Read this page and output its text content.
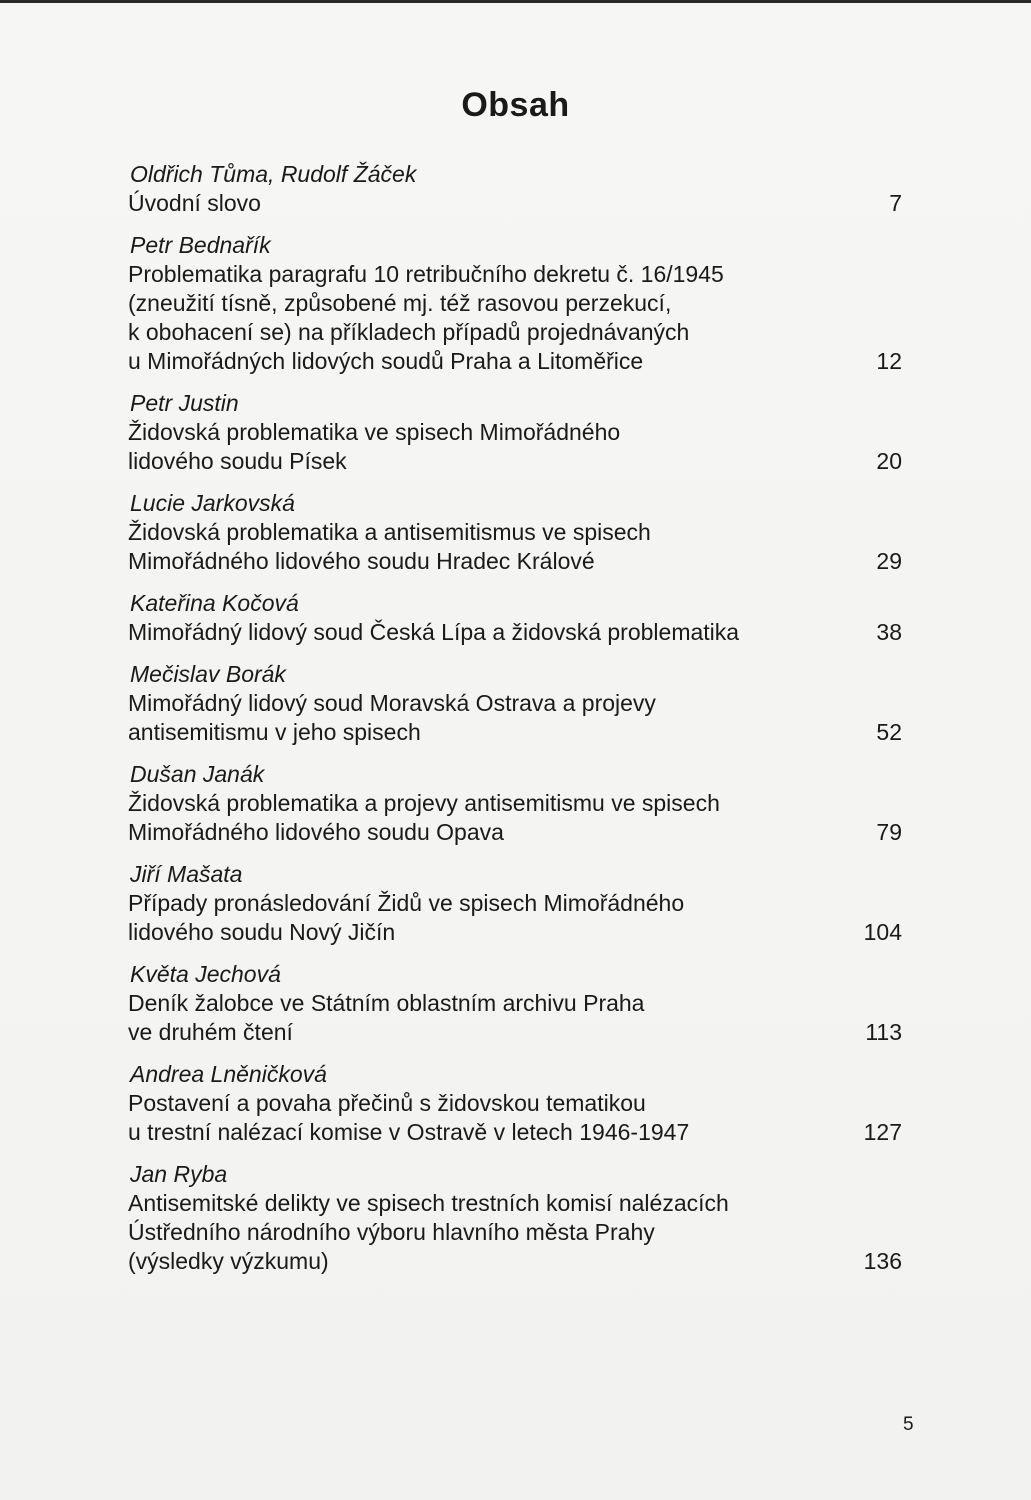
Obsah
Oldřich Tůma, Rudolf Žáček
Úvodní slovo	7
Petr Bednařík
Problematika paragrafu 10 retribučního dekretu č. 16/1945
(zneužití tísně, způsobené mj. též rasovou perzekucí,
k obohacení se) na příkladech případů projednávaných
u Mimořádných lidových soudů Praha a Litoměřice	12
Petr Justin
Židovská problematika ve spisech Mimořádného
lidového soudu Písek	20
Lucie Jarkovská
Židovská problematika a antisemitismus ve spisech
Mimořádného lidového soudu Hradec Králové	29
Kateřina Kočová
Mimořádný lidový soud Česká Lípa a židovská problematika	38
Mečislav Borák
Mimořádný lidový soud Moravská Ostrava a projevy
antisemitismu v jeho spisech	52
Dušan Janák
Židovská problematika a projevy antisemitismu ve spisech
Mimořádného lidového soudu Opava	79
Jiří Mašata
Případy pronásledování Židů ve spisech Mimořádného
lidového soudu Nový Jičín	104
Květa Jechová
Deník žalobce ve Státním oblastním archivu Praha
ve druhém čtení	113
Andrea Lněničková
Postavení a povaha přečinů s židovskou tematikou
u trestní nalézací komise v Ostravě v letech 1946-1947	127
Jan Ryba
Antisemitské delikty ve spisech trestních komisí nalézacích
Ústředního národního výboru hlavního města Prahy
(výsledky výzkumu)	136
5
